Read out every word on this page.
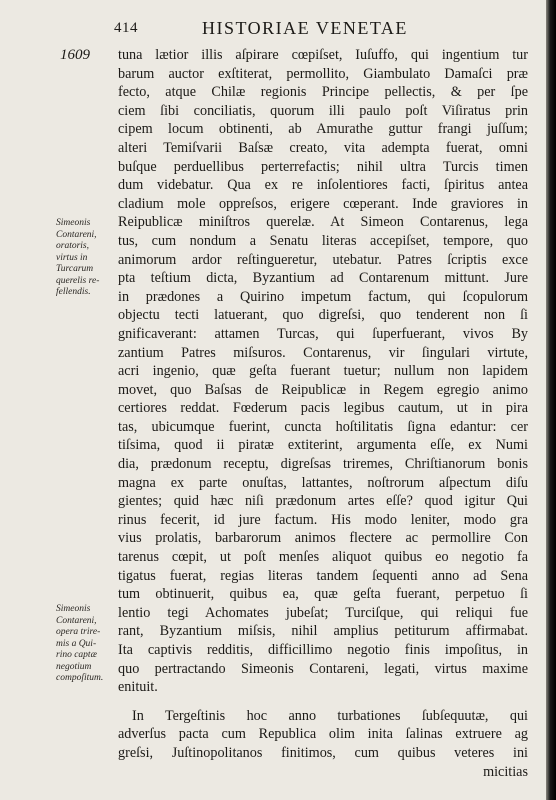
414	HISTORIAE VENETAE
1609 tuna lætior illis aſpirare cœpiſset, Iuſuffo, qui ingentium tur
barum auctor exſtiterat, permollito, Giambulato Damaſci præ
fecto, atque Chilæ regionis Principe pellectis, & per ſpe
ciem ſibi conciliatis, quorum illi paulo poſt Viſiratus prin
cipem locum obtinenti, ab Amurathe guttur frangi juſſum;
alteri Temiſvarii Baſsæ creato, vita adempta fuerat, omni
buſque perduellibus perterrefactis; nihil ultra Turcis timen
dum videbatur. Qua ex re inſolentiores facti, ſpiritus antea
cladium mole oppreſsos, erigere cœperant. Inde graviores in
Reipublicæ miniſtros querelæ. At Simeon Contarenus, lega
tus, cum nondum a Senatu literas accepiſset, tempore, quo
animorum ardor reſtingueretur, utebatur. Patres ſcriptis exce
pta teſtium dicta, Byzantium ad Contarenum mittunt. Jure
in prædones a Quirino impetum factum, qui ſcopulorum
objectu tecti latuerant, quo digreſsi, quo tenderent non ſi
gnificaverant: attamen Turcas, qui ſuperfuerant, vivos By
zantium Patres miſsuros. Contarenus, vir ſingulari virtute,
acri ingenio, quæ geſta fuerant tuetur; nullum non lapidem
movet, quo Baſsas de Reipublicæ in Regem egregio animo
certiores reddat. Fœderum pacis legibus cautum, ut in pira
tas, ubicumque fuerint, cuncta hoſtilitatis ſigna edantur: cer
tiſsima, quod ii piratæ extiterint, argumenta eſſe, ex Numi
dia, prædonum receptu, digreſsas triremes, Chriſtianorum bonis
magna ex parte onuſtas, lattantes, noſtrorum aſpectum diſu
gientes; quid hæc niſi prædonum artes eſſe? quod igitur Qui
rinus fecerit, id jure factum. His modo leniter, modo gra
vius prolatis, barbarorum animos flectere ac permollire Con
tarenus cœpit, ut poſt menſes aliquot quibus eo negotio fa
tigatus fuerat, regias literas tandem ſequenti anno ad Sena
tum obtinuerit, quibus ea, quæ geſta fuerant, perpetuo ſi
lentio tegi Achomates jubeſat; Turciſque, qui reliqui fue
rant, Byzantium miſsis, nihil amplius petiturum affirmabat.
Ita captivis redditis, difficillimo negotio finis impoſitus, in
quo pertractando Simeonis Contareni, legati, virtus maxime
enituit.
In Tergeſtinis hoc anno turbationes ſubſequutæ, qui
adverſus pacta cum Republica olim inita ſalinas extruere ag
greſsi, Juſtinopolitanos finitimos, cum quibus veteres ini
micitias
Simeonis
Contareni,
oratoris,
virtus in
Turcarum
querelis re-
fellendis.
Simeonis
Contareni,
opera trire-
mis a Qui-
rino captæ
negotium
compoſitum.
